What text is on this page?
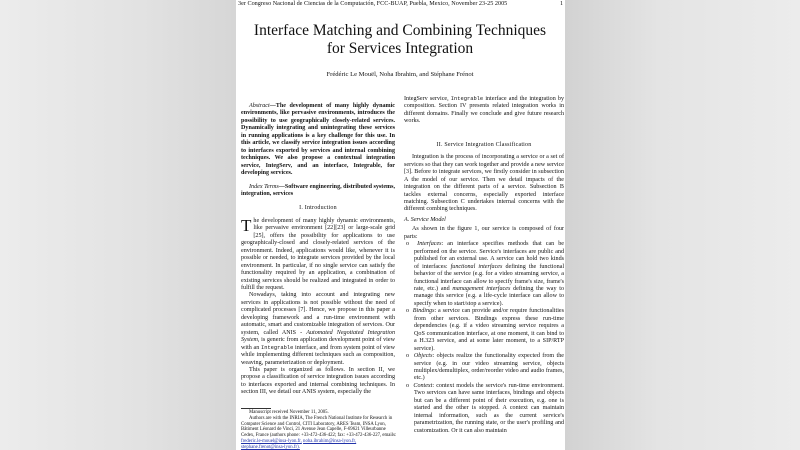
3er Congreso Nacional de Ciencias de la Computación, FCC-BUAP, Puebla, Mexico, November 23-25 2005	1
Interface Matching and Combining Techniques
for Services Integration
Frédéric Le Mouël, Noha Ibrahim, and Stéphane Frénot

Abstract—The development of many highly dynamic environments, like pervasive environments, introduces the possibility to use geographically closely-related services. Dynamically integrating and unintegrating these services in running applications is a key challenge for this use. In this article, we classify service integration issues according to interfaces exported by services and internal combining techniques. We also propose a contextual integration service, IntegServ, and an interface, Integrable, for developing services.

Index Terms—Software engineering, distributed systems, integration, services

I. Introduction

The development of many highly dynamic environments, like pervasive environment [22][23] or large-scale grid [25], offers the possibility for applications to use geographically-closed and closely-related services of the environment. Indeed, applications would like, whenever it is possible or needed, to integrate services provided by the local environment. In particular, if no single service can satisfy the functionality required by an application, a combination of existing services should be realized and integrated in order to fulfill the request.

Nowadays, taking into account and integrating new services in applications is not possible without the need of complicated processes [7]. Hence, we propose in this paper a developing framework and a run-time environment with automatic, smart and customizable integration of services. Our system, called ANIS - Automated Negotiated Integration System, is generic from application development point of view with an Integrable interface, and from system point of view while implementing different techniques such as composition, weaving, parameterization or deployment.

This paper is organized as follows. In section II, we propose a classification of service integration issues according to interfaces exported and internal combining techniques. In section III, we detail our ANIS system, especially the

Manuscript received November 11, 2005.
Authors are with the INRIA, The French National Institute for Research in Computer Science and Control, CITI Laboratory, ARES Team, INSA Lyon, Bâtiment Léonard de Vinci, 21 Avenue Jean Capelle, F-69621 Villeurbanne Cedex, France (authors phone: +33-472-436-422; fax: +33-472-436-227, emails: frederic.le-mouel@insa-lyon.fr, noha.ibrahim@insa-lyon.fr, stephane.frenot@insa-lyon.fr).

IntegServ service, Integrable interface and the integration by composition. Section IV presents related integration works in different domains. Finally we conclude and give future research works.

II. Service Integration Classification

Integration is the process of incorporating a service or a set of services so that they can work together and provide a new service [3]. Before to integrate services, we firstly consider in subsection A the model of our service. Then we detail impacts of the integration on the different parts of a service. Subsection B tackles external concerns, especially exported interface matching. Subsection C undertakes internal concerns with the different combing techniques.

A. Service Model

As shown in the figure 1, our service is composed of four parts:

o Interfaces: an interface specifies methods that can be performed on the service. Service's interfaces are public and published for an external use. A service can hold two kinds of interfaces: functional interfaces defining the functional behavior of the service (e.g. for a video streaming service, a functional interface can allow to specify frame's size, frame's rate, etc.) and management interfaces defining the way to manage this service (e.g. a life-cycle interface can allow to specify when to start/stop a service).

o Bindings: a service can provide and/or require functionalities from other services. Bindings express these run-time dependencies (e.g. if a video streaming service requires a QoS communication interface, at one moment, it can bind to a H.323 service, and at some later moment, to a SIP/RTP service).

o Objects: objects realize the functionality expected from the service (e.g. in our video streaming service, objects multiplex/demultiplex, order/reorder video and audio frames, etc.)

o Context: context models the service's run-time environment. Two services can have same interfaces, bindings and objects but can be a different point of their execution, e.g. one is started and the other is stopped. A context can maintain internal information, such as the current service's parametrization, the running state, or the user's profiling and customization. Or it can also maintain
